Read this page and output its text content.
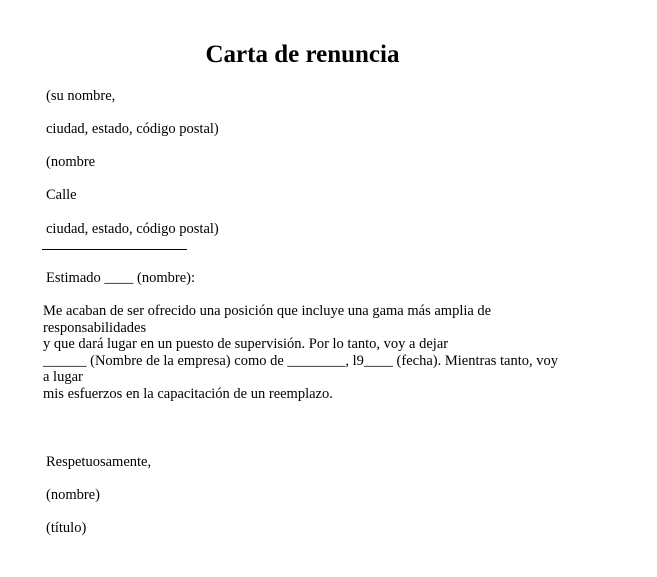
Carta de renuncia
(su nombre,
ciudad, estado, código postal)
(nombre
Calle
ciudad, estado, código postal)
Estimado ____ (nombre):
Me acaban de ser ofrecido una posición que incluye una gama más amplia de
responsabilidades
y que dará lugar en un puesto de supervisión. Por lo tanto, voy a dejar
______ (Nombre de la empresa) como de ________, l9____ (fecha). Mientras tanto, voy
a lugar
mis esfuerzos en la capacitación de un reemplazo.
Respetuosamente,
(nombre)
(título)
